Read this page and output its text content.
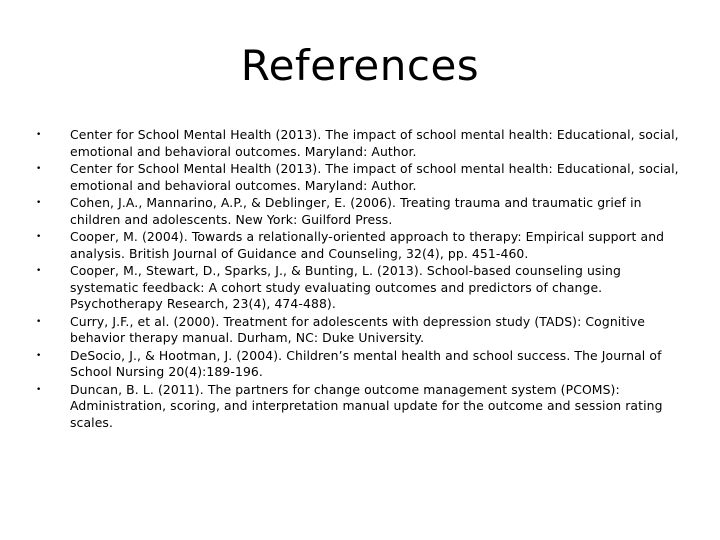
References
•	Center for School Mental Health (2013). The impact of school mental health: Educational, social, emotional and behavioral outcomes. Maryland: Author.
•	Center for School Mental Health (2013). The impact of school mental health: Educational, social, emotional and behavioral outcomes. Maryland: Author.
•	Cohen, J.A., Mannarino, A.P., & Deblinger, E. (2006). Treating trauma and traumatic grief in children and adolescents. New York: Guilford Press.
•	Cooper, M. (2004). Towards a relationally-oriented approach to therapy: Empirical support and analysis. British Journal of Guidance and Counseling, 32(4), pp. 451-460.
•	Cooper, M., Stewart, D., Sparks, J., & Bunting, L. (2013). School-based counseling using systematic feedback: A cohort study evaluating outcomes and predictors of change. Psychotherapy Research, 23(4), 474-488).
•	Curry, J.F., et al. (2000). Treatment for adolescents with depression study (TADS): Cognitive behavior therapy manual. Durham, NC: Duke University.
•	DeSocio, J., & Hootman, J. (2004). Children’s mental health and school success. The Journal of School Nursing 20(4):189-196.
•	Duncan, B. L. (2011). The partners for change outcome management system (PCOMS): Administration, scoring, and interpretation manual update for the outcome and session rating scales.
